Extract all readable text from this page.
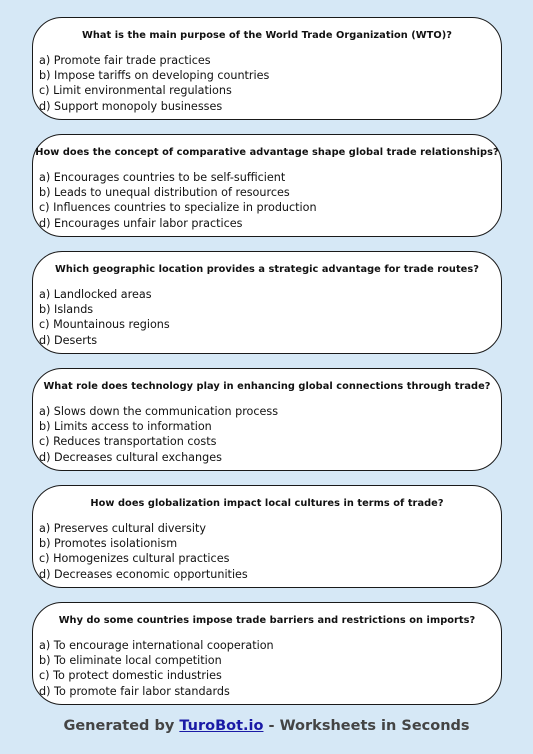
What is the main purpose of the World Trade Organization (WTO)?
a) Promote fair trade practices
b) Impose tariffs on developing countries
c) Limit environmental regulations
d) Support monopoly businesses
How does the concept of comparative advantage shape global trade relationships?
a) Encourages countries to be self-sufficient
b) Leads to unequal distribution of resources
c) Influences countries to specialize in production
d) Encourages unfair labor practices
Which geographic location provides a strategic advantage for trade routes?
a) Landlocked areas
b) Islands
c) Mountainous regions
d) Deserts
What role does technology play in enhancing global connections through trade?
a) Slows down the communication process
b) Limits access to information
c) Reduces transportation costs
d) Decreases cultural exchanges
How does globalization impact local cultures in terms of trade?
a) Preserves cultural diversity
b) Promotes isolationism
c) Homogenizes cultural practices
d) Decreases economic opportunities
Why do some countries impose trade barriers and restrictions on imports?
a) To encourage international cooperation
b) To eliminate local competition
c) To protect domestic industries
d) To promote fair labor standards
Generated by TuroBot.io - Worksheets in Seconds
